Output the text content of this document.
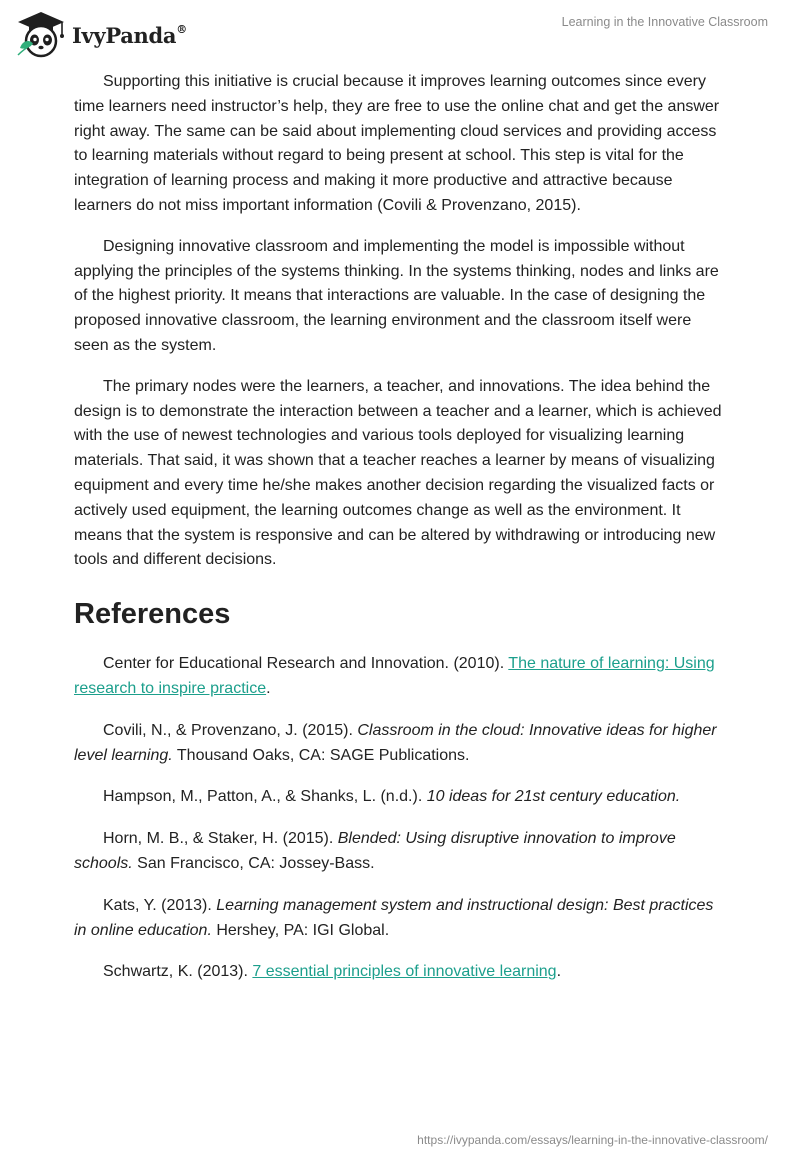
IvyPanda®	Learning in the Innovative Classroom

Supporting this initiative is crucial because it improves learning outcomes since every time learners need instructor’s help, they are free to use the online chat and get the answer right away. The same can be said about implementing cloud services and providing access to learning materials without regard to being present at school. This step is vital for the integration of learning process and making it more productive and attractive because learners do not miss important information (Covili & Provenzano, 2015).

Designing innovative classroom and implementing the model is impossible without applying the principles of the systems thinking. In the systems thinking, nodes and links are of the highest priority. It means that interactions are valuable. In the case of designing the proposed innovative classroom, the learning environment and the classroom itself were seen as the system.

The primary nodes were the learners, a teacher, and innovations. The idea behind the design is to demonstrate the interaction between a teacher and a learner, which is achieved with the use of newest technologies and various tools deployed for visualizing learning materials. That said, it was shown that a teacher reaches a learner by means of visualizing equipment and every time he/she makes another decision regarding the visualized facts or actively used equipment, the learning outcomes change as well as the environment. It means that the system is responsive and can be altered by withdrawing or introducing new tools and different decisions.

References

Center for Educational Research and Innovation. (2010). The nature of learning: Using research to inspire practice.

Covili, N., & Provenzano, J. (2015). Classroom in the cloud: Innovative ideas for higher level learning. Thousand Oaks, CA: SAGE Publications.

Hampson, M., Patton, A., & Shanks, L. (n.d.). 10 ideas for 21st century education.

Horn, M. B., & Staker, H. (2015). Blended: Using disruptive innovation to improve schools. San Francisco, CA: Jossey-Bass.

Kats, Y. (2013). Learning management system and instructional design: Best practices in online education. Hershey, PA: IGI Global.

Schwartz, K. (2013). 7 essential principles of innovative learning.

https://ivypanda.com/essays/learning-in-the-innovative-classroom/
